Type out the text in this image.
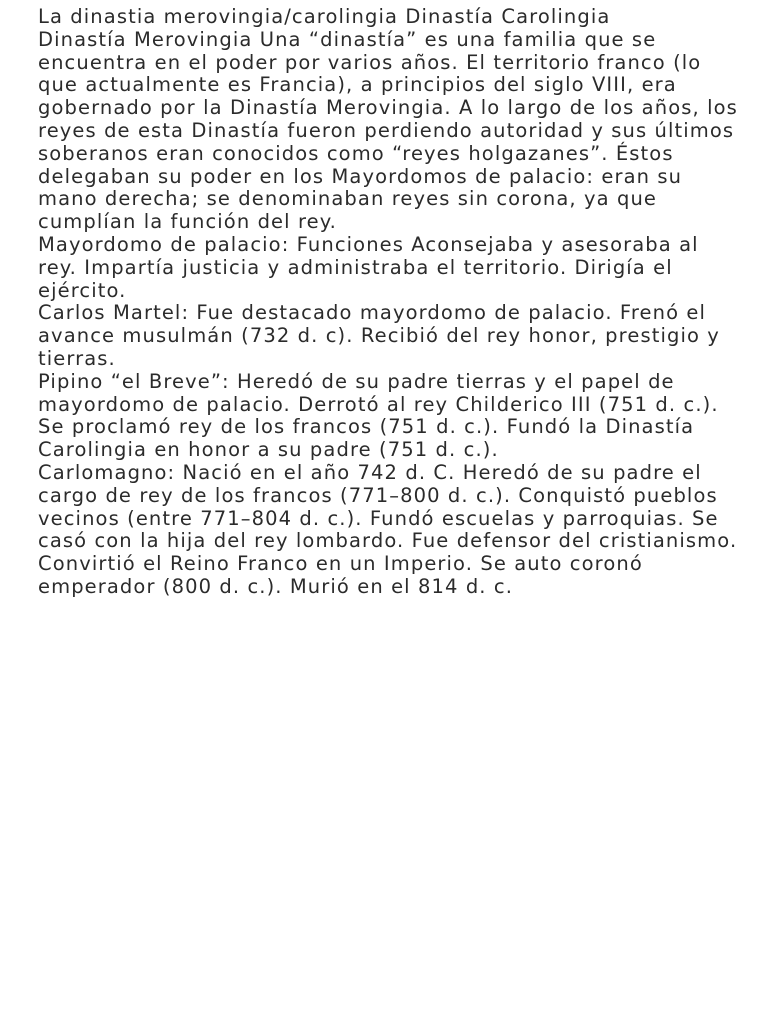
La dinastia merovingia/carolingia Dinastía Carolingia

Dinastía Merovingia Una “dinastía” es una familia que se encuentra en el poder por varios años. El territorio franco (lo que actualmente es Francia), a principios del siglo VIII, era gobernado por la Dinastía Merovingia. A lo largo de los años, los reyes de esta Dinastía fueron perdiendo autoridad y sus últimos soberanos eran conocidos como “reyes holgazanes”. Éstos delegaban su poder en los Mayordomos de palacio: eran su mano derecha; se denominaban reyes sin corona, ya que cumplían la función del rey.

Mayordomo de palacio: Funciones Aconsejaba y asesoraba al rey. Impartía justicia y administraba el territorio. Dirigía el ejército.

Carlos Martel: Fue destacado mayordomo de palacio. Frenó el avance musulmán (732 d. c). Recibió del rey honor, prestigio y tierras.

Pipino “el Breve”: Heredó de su padre tierras y el papel de mayordomo de palacio. Derrotó al rey Childerico III (751 d. c.). Se proclamó rey de los francos (751 d. c.). Fundó la Dinastía Carolingia en honor a su padre (751 d. c.).

Carlomagno: Nació en el año 742 d. C. Heredó de su padre el cargo de rey de los francos (771–800 d. c.). Conquistó pueblos vecinos (entre 771–804 d. c.). Fundó escuelas y parroquias. Se casó con la hija del rey lombardo. Fue defensor del cristianismo. Convirtió el Reino Franco en un Imperio. Se auto coronó emperador (800 d. c.). Murió en el 814 d. c.
